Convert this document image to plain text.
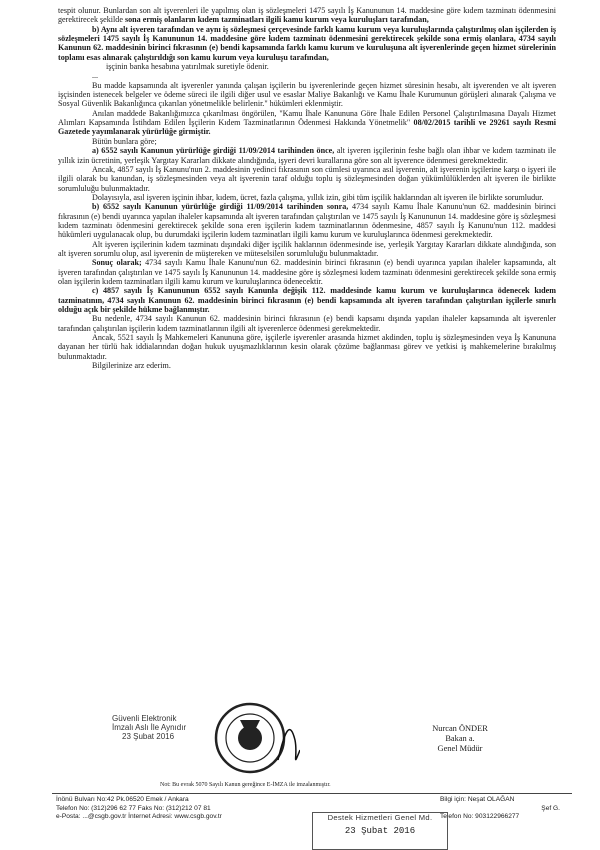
tespit olunur. Bunlardan son alt işverenleri ile yapılmış olan iş sözleşmeleri 1475 sayılı İş Kanununun 14. maddesine göre kıdem tazminatı ödenmesini gerektirecek şekilde sona ermiş olanların kıdem tazminatları ilgili kamu kurum veya kuruluşları tarafından,

b) Aynı alt işveren tarafından ve aynı iş sözleşmesi çerçevesinde farklı kamu kurum veya kuruluşlarında çalıştırılmış olan işçilerden iş sözleşmeleri 1475 sayılı İş Kanununun 14. maddesine göre kıdem tazminatı ödenmesini gerektirecek şekilde sona ermiş olanlara, 4734 sayılı Kanunun 62. maddesinin birinci fıkrasının (e) bendi kapsamında farklı kamu kurum ve kuruluşuna alt işverenlerinde geçen hizmet sürelerinin toplamı esas alınarak çalıştırıldığı son kamu kurum veya kuruluşu tarafından,

işçinin banka hesabına yatırılmak suretiyle ödenir.

...

Bu madde kapsamında alt işverenler yanında çalışan işçilerin bu işverenlerinde geçen hizmet süresinin hesabı, alt işverenden ve alt işveren işçisinden istenecek belgeler ve ödeme süreci ile ilgili diğer usul ve esaslar Maliye Bakanlığı ve Kamu İhale Kurumunun görüşleri alınarak Çalışma ve Sosyal Güvenlik Bakanlığınca çıkarılan yönetmelikle belirlenir." hükümleri eklenmiştir.

Anılan maddede Bakanlığımızca çıkarılması öngörülen, "Kamu İhale Kanununa Göre İhale Edilen Personel Çalıştırılmasına Dayalı Hizmet Alımları Kapsamında İstihdam Edilen İşçilerin Kıdem Tazminatlarının Ödenmesi Hakkında Yönetmelik" 08/02/2015 tarihli ve 29261 sayılı Resmi Gazetede yayımlanarak yürürlüğe girmiştir.

Bütün bunlara göre;

a) 6552 sayılı Kanunun yürürlüğe girdiği 11/09/2014 tarihinden önce, alt işveren işçilerinin feshe bağlı olan ihbar ve kıdem tazminatı ile yıllık izin ücretinin, yerleşik Yargıtay Kararları dikkate alındığında, işyeri devri kurallarına göre son alt işverence ödenmesi gerekmektedir.

Ancak, 4857 sayılı İş Kanunu'nun 2. maddesinin yedinci fıkrasının son cümlesi uyarınca asıl işverenin, alt işverenin işçilerine karşı o işyeri ile ilgili olarak bu kanundan, iş sözleşmesinden veya alt işverenin taraf olduğu toplu iş sözleşmesinden doğan yükümlülüklerden alt işveren ile birlikte sorumluluğu bulunmaktadır.

Dolayısıyla, asıl işveren işçinin ihbar, kıdem, ücret, fazla çalışma, yıllık izin, gibi tüm işçilik haklarından alt işveren ile birlikte sorumludur.

b) 6552 sayılı Kanunun yürürlüğe girdiği 11/09/2014 tarihinden sonra, 4734 sayılı Kamu İhale Kanunu'nun 62. maddesinin birinci fıkrasının (e) bendi uyarınca yapılan ihaleler kapsamında alt işveren tarafından çalıştırılan ve 1475 sayılı İş Kanununun 14. maddesine göre iş sözleşmesi kıdem tazminatı ödenmesini gerektirecek şekilde sona eren işçilerin kıdem tazminatlarının ödenmesine, 4857 sayılı İş Kanunu'nun 112. maddesi hükümleri uygulanacak olup, bu durumdaki işçilerin kıdem tazminatları ilgili kamu kurum ve kuruluşlarınca ödenmesi gerekmektedir.

Alt işveren işçilerinin kıdem tazminatı dışındaki diğer işçilik haklarının ödenmesinde ise, yerleşik Yargıtay Kararları dikkate alındığında, son alt işveren sorumlu olup, asıl işverenin de müştereken ve müteselsilen sorumluluğu bulunmaktadır.

Sonuç olarak; 4734 sayılı Kamu İhale Kanunu'nun 62. maddesinin birinci fıkrasının (e) bendi uyarınca yapılan ihaleler kapsamında, alt işveren tarafından çalıştırılan ve 1475 sayılı İş Kanununun 14. maddesine göre iş sözleşmesi kıdem tazminatı ödenmesini gerektirecek şekilde sona ermiş olan işçilerin kıdem tazminatları ilgili kamu kurum ve kuruluşlarınca ödenecektir.

c) 4857 sayılı İş Kanununun 6552 sayılı Kanunla değişik 112. maddesinde kamu kurum ve kuruluşlarınca ödenecek kıdem tazminatının, 4734 sayılı Kanunun 62. maddesinin birinci fıkrasının (e) bendi kapsamında alt işveren tarafından çalıştırılan işçilerle sınırlı olduğu açık bir şekilde hükme bağlanmıştır.

Bu nedenle, 4734 sayılı Kanunun 62. maddesinin birinci fıkrasının (e) bendi kapsamı dışında yapılan ihaleler kapsamında alt işverenler tarafından çalıştırılan işçilerin kıdem tazminatlarının ilgili alt işverenlerce ödenmesi gerekmektedir.

Ancak, 5521 sayılı İş Mahkemeleri Kanununa göre, işçilerle işverenler arasında hizmet akdinden, toplu iş sözleşmesinden veya İş Kanununa dayanan her türlü hak iddialarından doğan hukuk uyuşmazlıklarının kesin olarak çözüme bağlanması görev ve yetkisi iş mahkemelerine bırakılmış bulunmaktadır.

Bilgilerinize arz ederim.

Güvenli Elektronik
İmzalı Aslı İle Aynıdır
23 Şubat 2016
Nurcan ÖNDER
Bakan a.
Genel Müdür
Not: Bu evrak 5070 Sayılı Kanun gereğince E-İMZA ile imzalanmıştır.
İnönü Bulvarı No:42 Pk.06520 Emek / Ankara
Telefon No: (312)296 62 77 Faks No: (312)212 07 81
e-Posta: ...@csgb.gov.tr İnternet Adresi: www.csgb.gov.tr
Bilgi için: Neşat OLAĞAN
Şef G.
Telefon No: 903122966277
Destek Hizmetleri Genel Md.
23 Şubat 2016
